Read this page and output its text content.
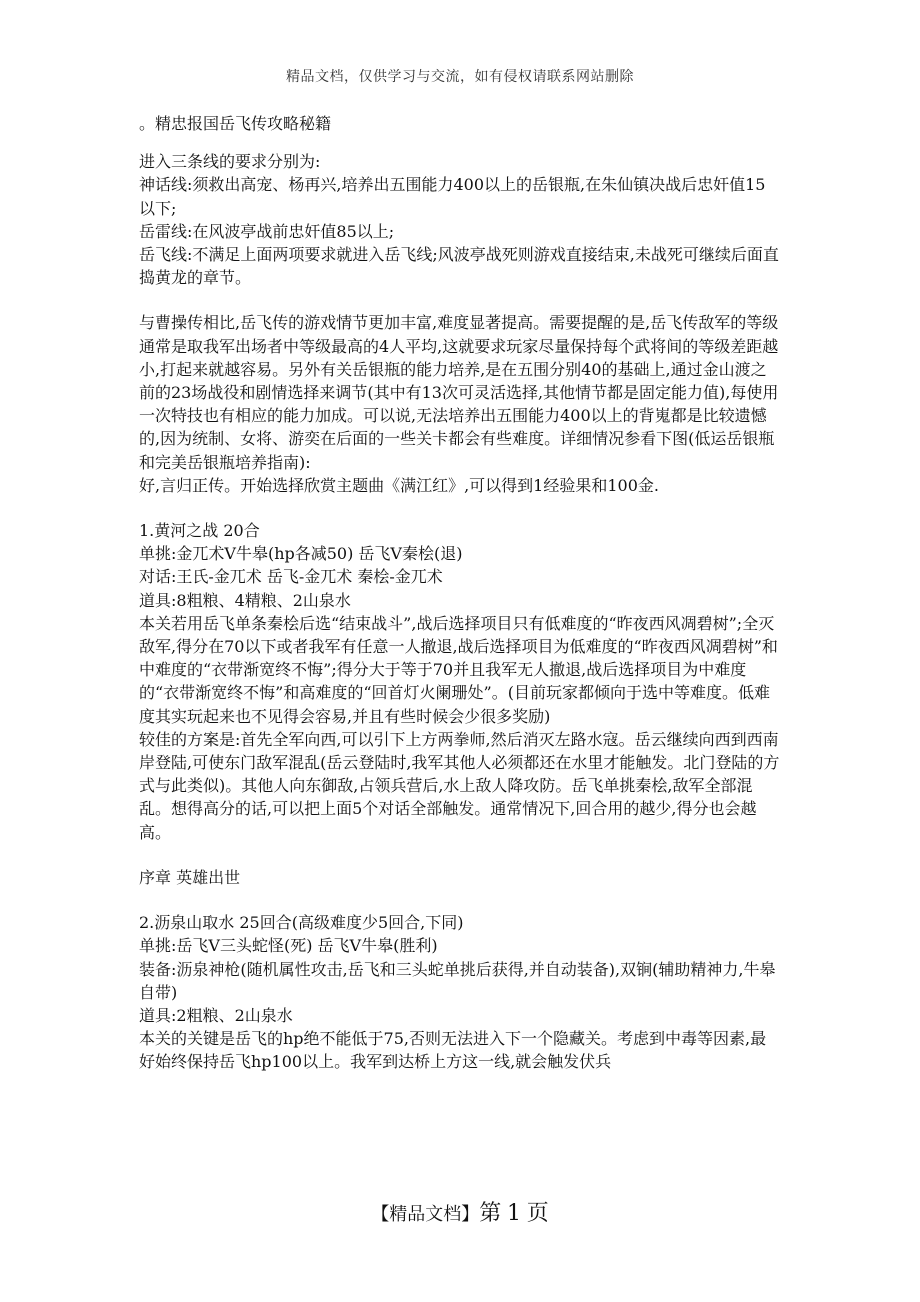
精品文档，仅供学习与交流，如有侵权请联系网站删除

。精忠报国岳飞传攻略秘籍

进入三条线的要求分别为:

神话线:须救出高宠、杨再兴,培养出五围能力400以上的岳银瓶,在朱仙镇决战后忠奸值15以下;

岳雷线:在风波亭战前忠奸值85以上;

岳飞线:不满足上面两项要求就进入岳飞线;风波亭战死则游戏直接结束,未战死可继续后面直捣黄龙的章节。

与曹操传相比,岳飞传的游戏情节更加丰富,难度显著提高。需要提醒的是,岳飞传敌军的等级通常是取我军出场者中等级最高的4人平均,这就要求玩家尽量保持每个武将间的等级差距越小,打起来就越容易。另外有关岳银瓶的能力培养,是在五围分别40的基础上,通过金山渡之前的23场战役和剧情选择来调节(其中有13次可灵活选择,其他情节都是固定能力值),每使用一次特技也有相应的能力加成。可以说,无法培养出五围能力400以上的背嵬都是比较遗憾的,因为统制、女将、游奕在后面的一些关卡都会有些难度。详细情况参看下图(低运岳银瓶和完美岳银瓶培养指南):

好,言归正传。开始选择欣赏主题曲《满江红》,可以得到1经验果和100金.

1.黄河之战 20合

单挑:金兀术V牛皋(hp各减50) 岳飞V秦桧(退)

对话:王氏-金兀术 岳飞-金兀术 秦桧-金兀术

道具:8粗粮、4精粮、2山泉水

本关若用岳飞单条秦桧后选“结束战斗”,战后选择项目只有低难度的“昨夜西风凋碧树”;全灭敌军,得分在70以下或者我军有任意一人撤退,战后选择项目为低难度的“昨夜西风凋碧树”和中难度的“衣带渐宽终不悔”;得分大于等于70并且我军无人撤退,战后选择项目为中难度的“衣带渐宽终不悔”和高难度的“回首灯火阑珊处”。(目前玩家都倾向于选中等难度。低难度其实玩起来也不见得会容易,并且有些时候会少很多奖励)

较佳的方案是:首先全军向西,可以引下上方两拳师,然后消灭左路水寇。岳云继续向西到西南岸登陆,可使东门敌军混乱(岳云登陆时,我军其他人必须都还在水里才能触发。北门登陆的方式与此类似)。其他人向东御敌,占领兵营后,水上敌人降攻防。岳飞单挑秦桧,敌军全部混乱。想得高分的话,可以把上面5个对话全部触发。通常情况下,回合用的越少,得分也会越高。

序章 英雄出世

2.沥泉山取水 25回合(高级难度少5回合,下同)

单挑:岳飞V三头蛇怪(死) 岳飞V牛皋(胜利)

装备:沥泉神枪(随机属性攻击,岳飞和三头蛇单挑后获得,并自动装备),双锏(辅助精神力,牛皋自带)

道具:2粗粮、2山泉水

本关的关键是岳飞的hp绝不能低于75,否则无法进入下一个隐藏关。考虑到中毒等因素,最好始终保持岳飞hp100以上。我军到达桥上方这一线,就会触发伏兵

【精品文档】第 1 页
